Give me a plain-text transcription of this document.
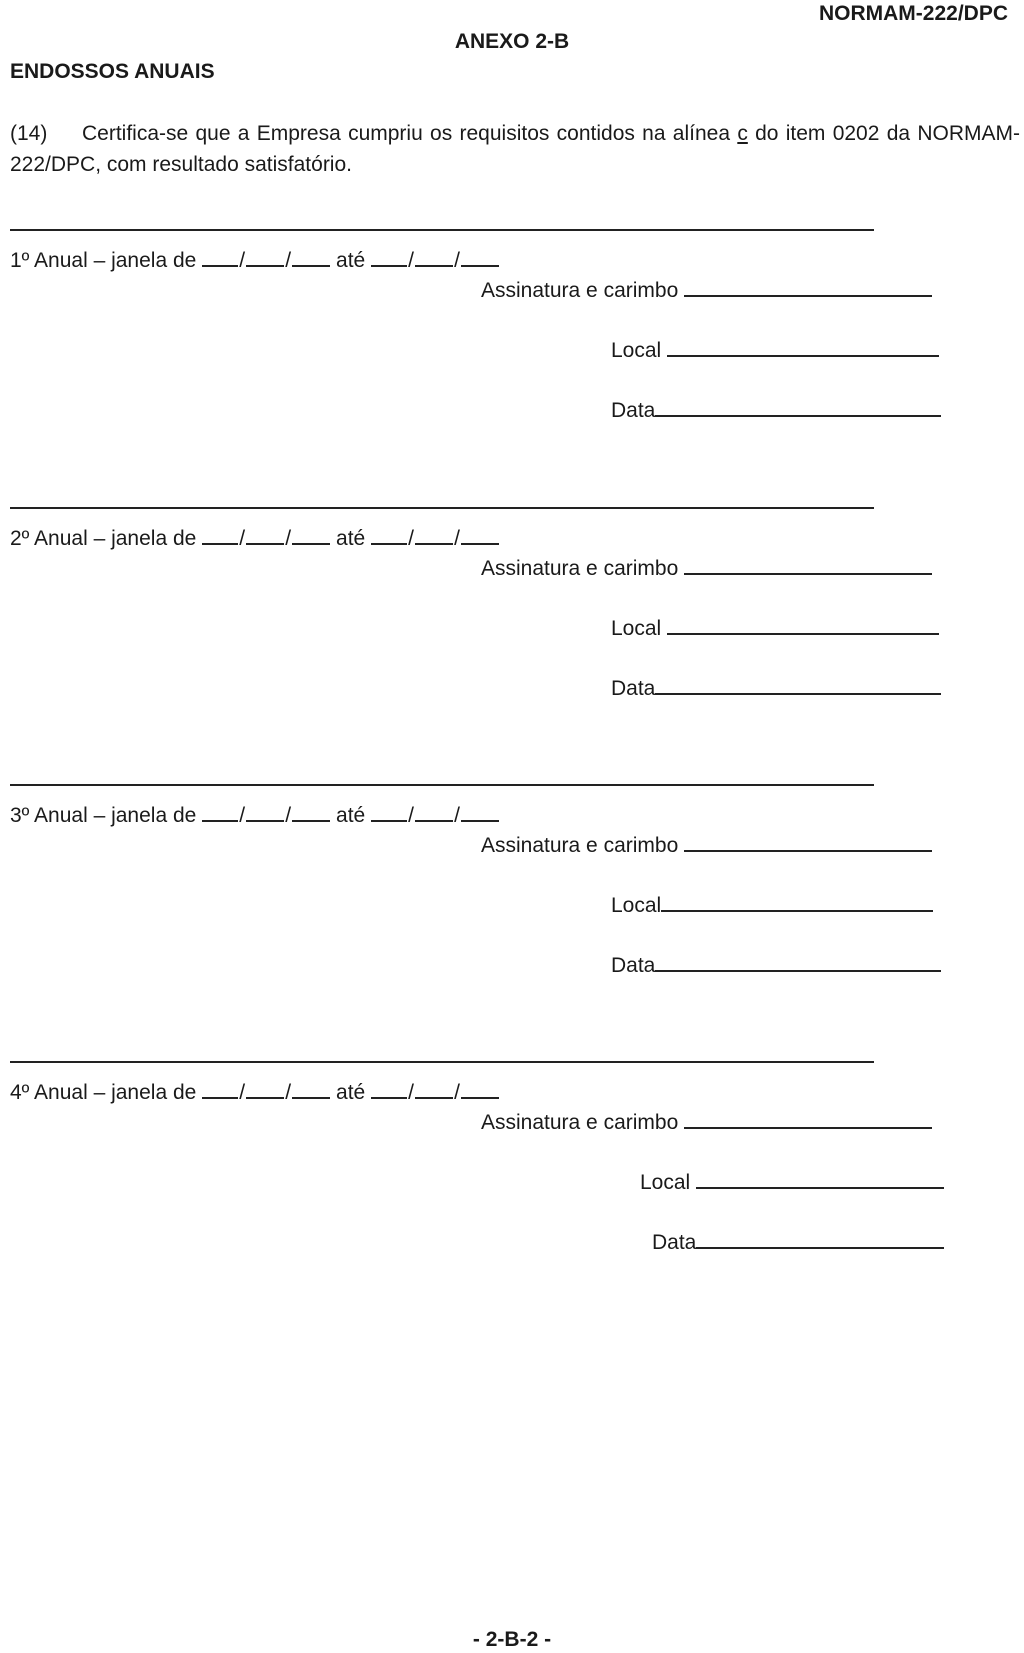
NORMAM-222/DPC
ANEXO 2-B
ENDOSSOS ANUAIS
(14) Certifica-se que a Empresa cumpriu os requisitos contidos na alínea c do item 0202 da NORMAM-222/DPC, com resultado satisfatório.
1º Anual – janela de / / até / /
Assinatura e carimbo
Local
Data
2º Anual – janela de / / até / /
Assinatura e carimbo
Local
Data
3º Anual – janela de / / até / /
Assinatura e carimbo
Local
Data
4º Anual – janela de / / até / /
Assinatura e carimbo
Local
Data
- 2-B-2 -
